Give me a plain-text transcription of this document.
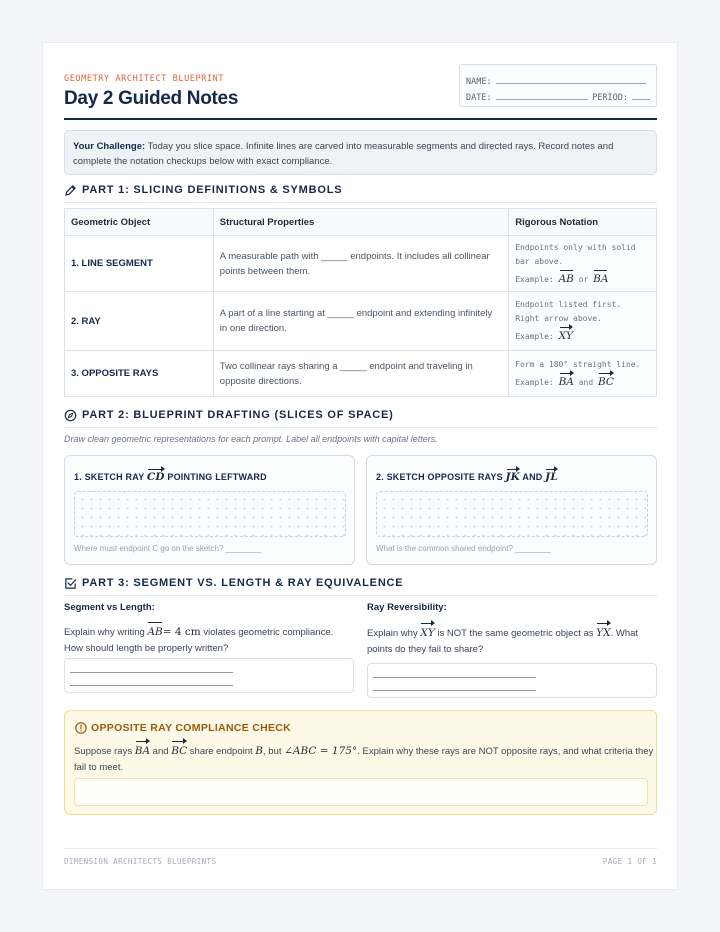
GEOMETRY ARCHITECT BLUEPRINT
Day 2 Guided Notes
NAME:
DATE:	PERIOD:
Your Challenge: Today you slice space. Infinite lines are carved into measurable segments and directed rays. Record notes and complete the notation checkups below with exact compliance.
PART 1: SLICING DEFINITIONS & SYMBOLS
Geometric Object	Structural Properties	Rigorous Notation
1. LINE SEGMENT	A measurable path with _____ endpoints. It includes all collinear points between them.	Endpoints only with solid
bar above.
Example: AB or BA

2. RAY	A part of a line starting at _____ endpoint and extending infinitely in one direction.	Endpoint listed first.
Right arrow above.
Example: XY

3. OPPOSITE RAYS	Two collinear rays sharing a _____ endpoint and traveling in opposite directions.	Form a 180° straight line.
Example: BA and BC
PART 2: BLUEPRINT DRAFTING (SLICES OF SPACE)
Draw clean geometric representations for each prompt. Label all endpoints with capital letters.
1. SKETCH RAY CD POINTING LEFTWARD
Where must endpoint C go on the sketch? ________
2. SKETCH OPPOSITE RAYS JK AND JL
What is the common shared endpoint? ________
PART 3: SEGMENT VS. LENGTH & RAY EQUIVALENCE
Segment vs Length:
Explain why writing AB= 4 cm violates geometric compliance. How should length be properly written?
Ray Reversibility:
Explain why XY is NOT the same geometric object as YX. What points do they fail to share?
OPPOSITE RAY COMPLIANCE CHECK
Suppose rays BA and BC share endpoint B, but ∠ABC = 175°. Explain why these rays are NOT opposite rays, and what criteria they fail to meet.
DIMENSION ARCHITECTS BLUEPRINTS	PAGE 1 OF 1
